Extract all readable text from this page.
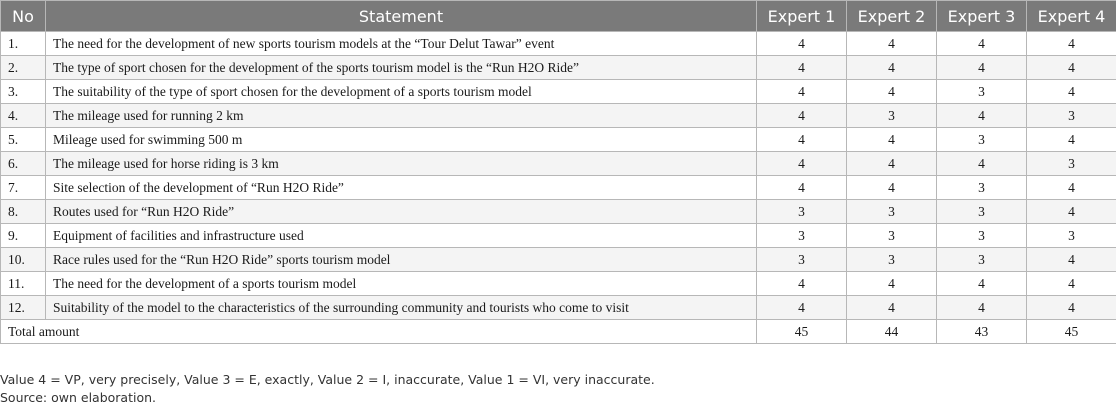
No	Statement	Expert 1	Expert 2	Expert 3	Expert 4
1.	The need for the development of new sports tourism models at the “Tour Delut Tawar” event	4	4	4	4
2.	The type of sport chosen for the development of the sports tourism model is the “Run H2O Ride”	4	4	4	4
3.	The suitability of the type of sport chosen for the development of a sports tourism model	4	4	3	4
4.	The mileage used for running 2 km	4	3	4	3
5.	Mileage used for swimming 500 m	4	4	3	4
6.	The mileage used for horse riding is 3 km	4	4	4	3
7.	Site selection of the development of “Run H2O Ride”	4	4	3	4
8.	Routes used for “Run H2O Ride”	3	3	3	4
9.	Equipment of facilities and infrastructure used	3	3	3	3
10.	Race rules used for the “Run H2O Ride” sports tourism model	3	3	3	4
11.	The need for the development of a sports tourism model	4	4	4	4
12.	Suitability of the model to the characteristics of the surrounding community and tourists who come to visit	4	4	4	4
Total amount		45	44	43	45
Value 4 = VP, very precisely, Value 3 = E, exactly, Value 2 = I, inaccurate, Value 1 = VI, very inaccurate.
Source: own elaboration.
